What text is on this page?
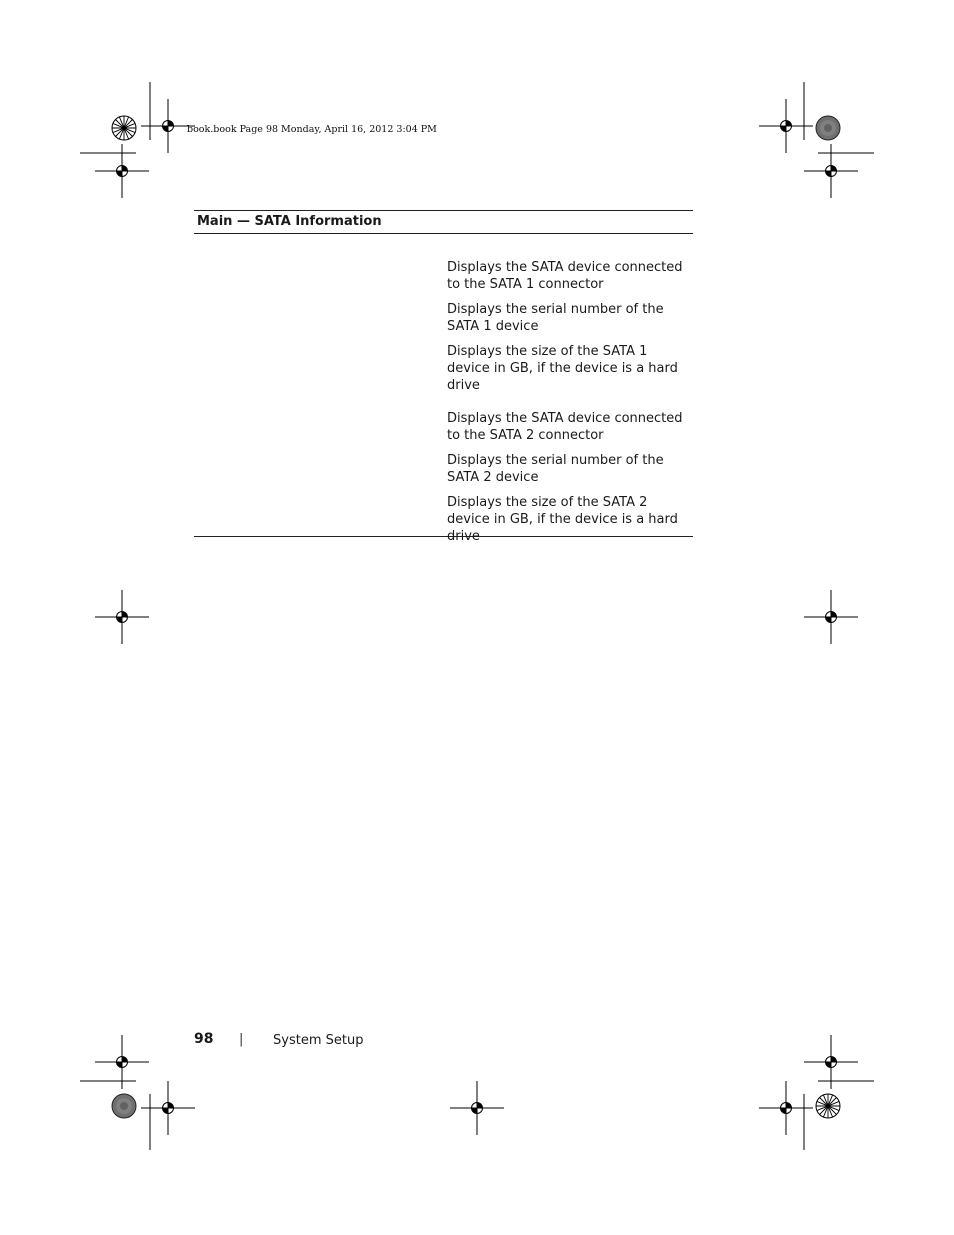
book.book Page 98 Monday, April 16, 2012 3:04 PM
Main — SATA Information
Displays the SATA device connected to the SATA 1 connector
Displays the serial number of the SATA 1 device
Displays the size of the SATA 1 device in GB, if the device is a hard drive
Displays the SATA device connected to the SATA 2 connector
Displays the serial number of the SATA 2 device
Displays the size of the SATA 2 device in GB, if the device is a hard drive
98 | System Setup
